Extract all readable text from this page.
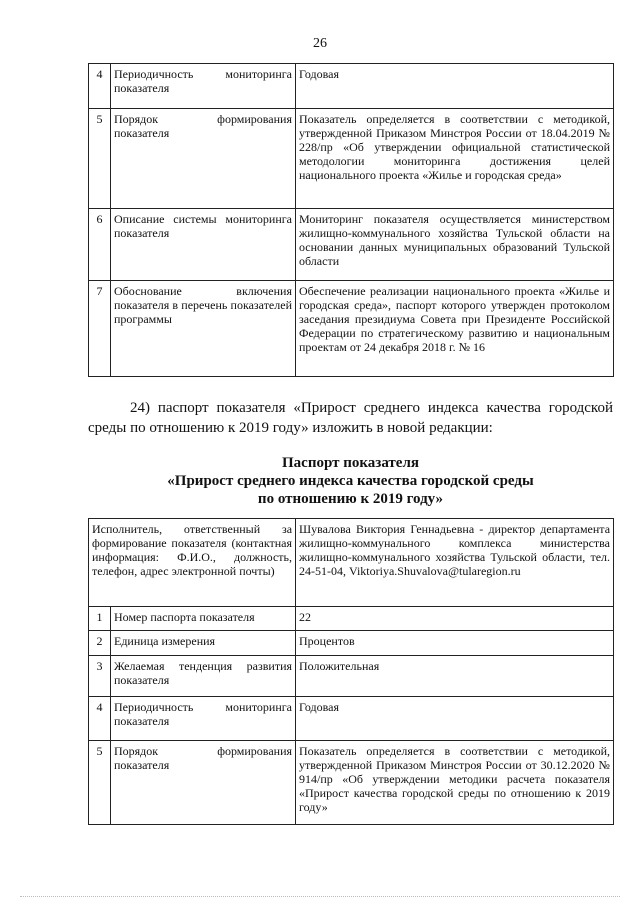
26
4	Периодичность мониторинга показателя	Годовая
5	Порядок формирования показателя	Показатель определяется в соответствии с методикой, утвержденной Приказом Минстроя России от 18.04.2019 № 228/пр «Об утверждении официальной статистической методологии мониторинга достижения целей национального проекта «Жилье и городская среда»
6	Описание системы мониторинга показателя	Мониторинг показателя осуществляется министерством жилищно-коммунального хозяйства Тульской области на основании данных муниципальных образований Тульской области
7	Обоснование включения показателя в перечень показателей программы	Обеспечение реализации национального проекта «Жилье и городская среда», паспорт которого утвержден протоколом заседания президиума Совета при Президенте Российской Федерации по стратегическому развитию и национальным проектам от 24 декабря 2018 г. № 16

24) паспорт показателя «Прирост среднего индекса качества городской среды по отношению к 2019 году» изложить в новой редакции:

Паспорт показателя
«Прирост среднего индекса качества городской среды
по отношению к 2019 году»
Исполнитель, ответственный за формирование показателя (контактная информация: Ф.И.О., должность, телефон, адрес электронной почты)		Шувалова Виктория Геннадьевна - директор департамента жилищно-коммунального комплекса министерства жилищно-коммунального хозяйства Тульской области, тел. 24-51-04, Viktoriya.Shuvalova@tularegion.ru
1	Номер паспорта показателя	22
2	Единица измерения	Процентов
3	Желаемая тенденция развития показателя	Положительная
4	Периодичность мониторинга показателя	Годовая
5	Порядок формирования показателя	Показатель определяется в соответствии с методикой, утвержденной Приказом Минстроя России от 30.12.2020 № 914/пр «Об утверждении методики расчета показателя «Прирост качества городской среды по отношению к 2019 году»
